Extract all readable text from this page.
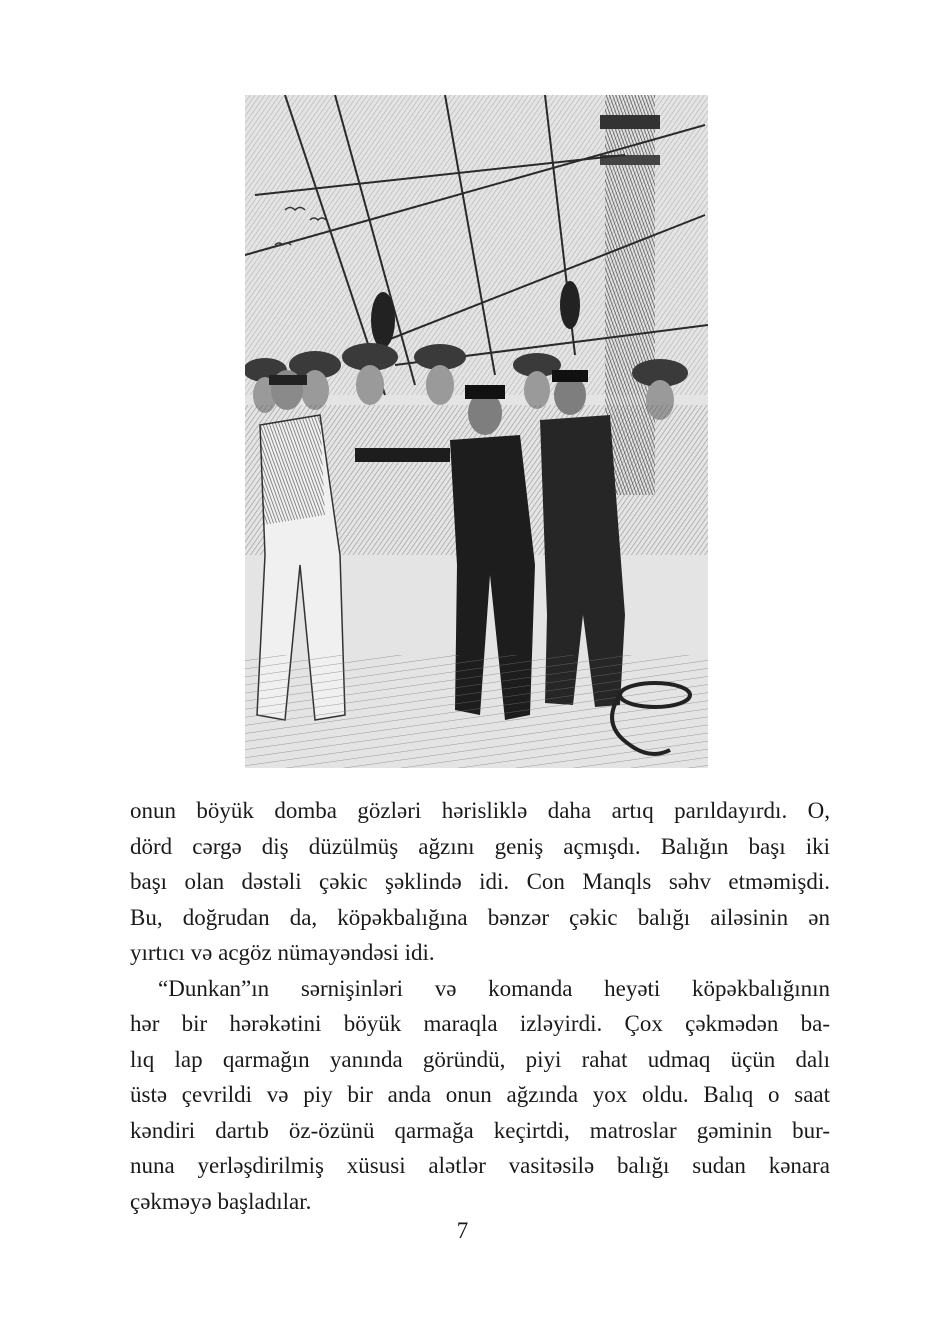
onun böyük domba gözləri hərisliklə daha artıq parıldayırdı. O,
dörd cərgə diş düzülmüş ağzını geniş açmışdı. Balığın başı iki
başı olan dəstəli çəkic şəklində idi. Con Manqls səhv etməmişdi.
Bu, doğrudan da, köpəkbalığına bənzər çəkic balığı ailəsinin ən
yırtıcı və acgöz nümayəndəsi idi.
“Dunkan”ın sərnişinləri və komanda heyəti köpəkbalığının
hər bir hərəkətini böyük maraqla izləyirdi. Çox çəkmədən ba-
lıq lap qarmağın yanında göründü, piyi rahat udmaq üçün dalı
üstə çevrildi və piy bir anda onun ağzında yox oldu. Balıq o saat
kəndiri dartıb öz-özünü qarmağa keçirtdi, matroslar gəminin bur-
nuna yerləşdirilmiş xüsusi alətlər vasitəsilə balığı sudan kənara
çəkməyə başladılar.
7
